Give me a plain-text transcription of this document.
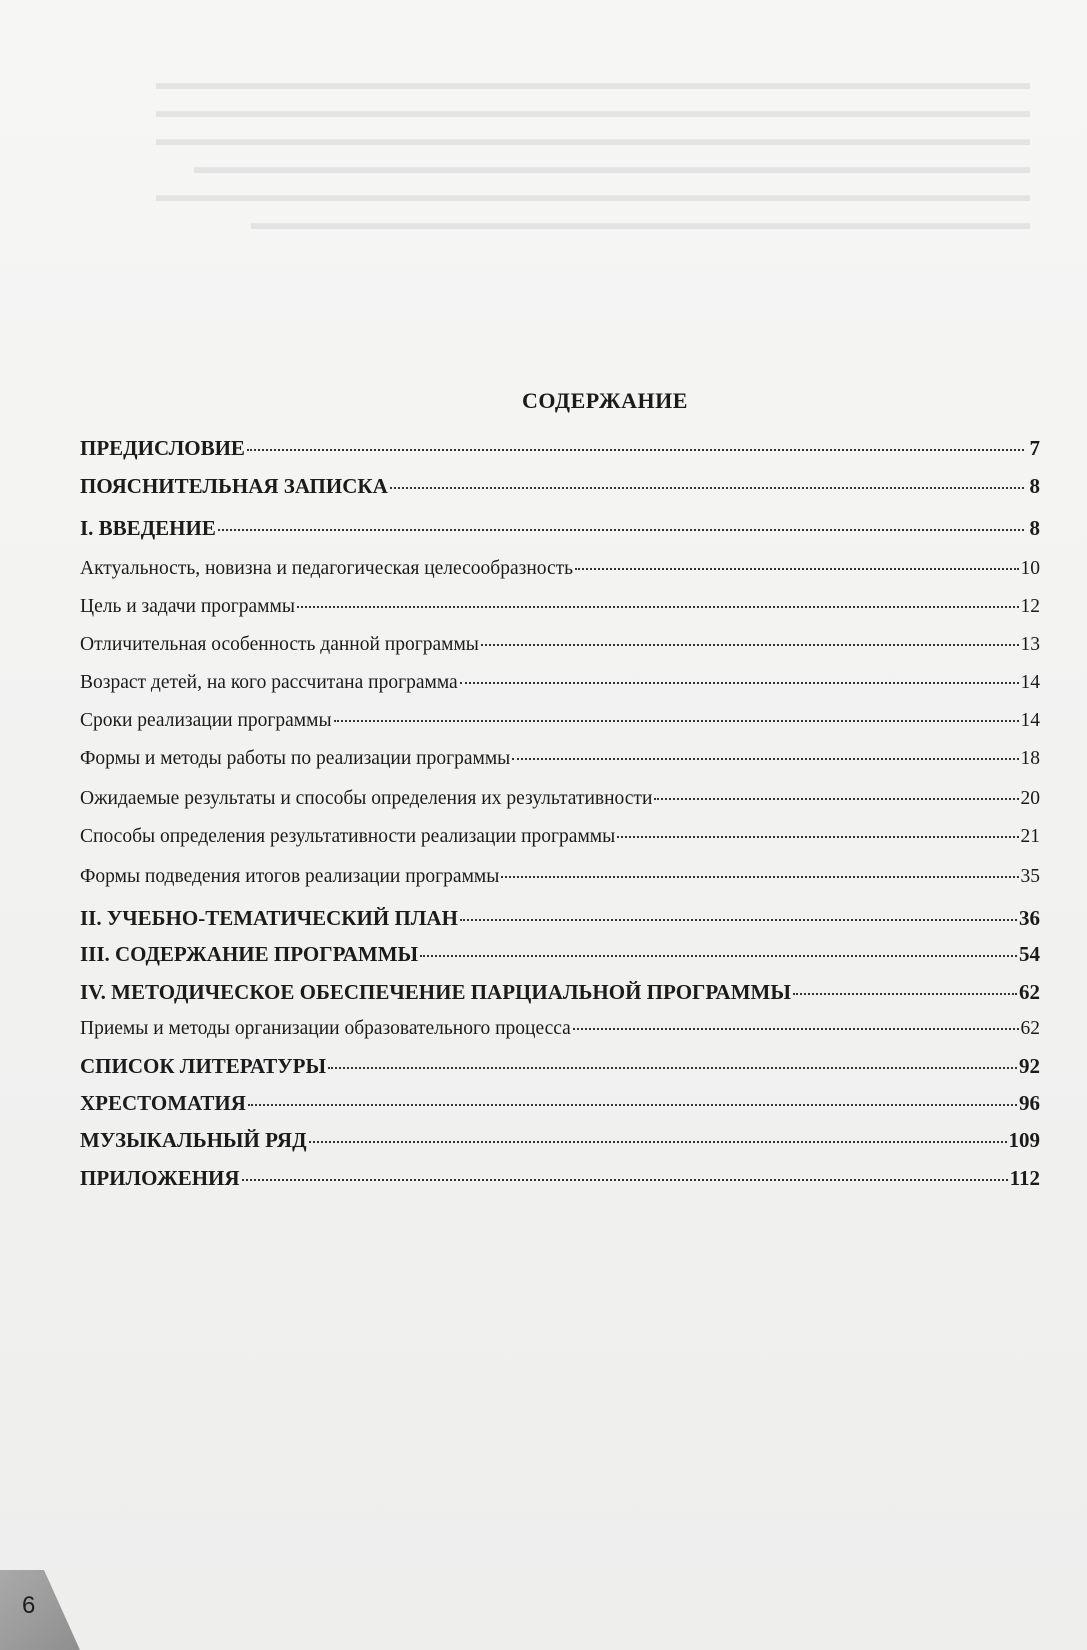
▬▬▬▬▬▬▬▬▬▬▬▬▬▬▬▬▬▬▬▬▬▬▬▬▬▬▬▬▬▬▬▬▬▬▬▬▬▬▬▬▬▬▬▬▬▬
▬▬▬▬▬▬▬▬▬▬▬▬▬▬▬▬▬▬▬▬▬▬▬▬▬▬▬▬▬▬▬▬▬▬▬▬▬▬▬▬▬▬▬▬▬▬
▬▬▬▬▬▬▬▬▬▬▬▬▬▬▬▬▬▬▬▬▬▬▬▬▬▬▬▬▬▬▬▬▬▬▬▬▬▬▬▬▬▬▬▬▬▬
▬▬▬▬▬▬▬▬▬▬▬▬▬▬▬▬▬▬▬▬▬▬▬▬▬▬▬▬▬▬▬▬▬▬▬▬▬▬▬▬▬▬▬▬
▬▬▬▬▬▬▬▬▬▬▬▬▬▬▬▬▬▬▬▬▬▬▬▬▬▬▬▬▬▬▬▬▬▬▬▬▬▬▬▬▬▬▬▬▬▬
▬▬▬▬▬▬▬▬▬▬▬▬▬▬▬▬▬▬▬▬▬▬▬▬▬▬▬▬▬▬▬▬▬▬▬▬▬▬▬▬▬

СОДЕРЖАНИЕ
ПРЕДИСЛОВИЕ	7
ПОЯСНИТЕЛЬНАЯ ЗАПИСКА	8
I. ВВЕДЕНИЕ	8
Актуальность, новизна и педагогическая целесообразность	10
Цель и задачи программы	12
Отличительная особенность данной программы	13
Возраст детей, на кого рассчитана программа	14
Сроки реализации программы	14
Формы и методы работы по реализации программы	18
Ожидаемые результаты и способы определения их результативности	20
Способы определения результативности реализации программы	21
Формы подведения итогов реализации программы	35
II. УЧЕБНО-ТЕМАТИЧЕСКИЙ ПЛАН	36
III. СОДЕРЖАНИЕ ПРОГРАММЫ	54
IV. МЕТОДИЧЕСКОЕ ОБЕСПЕЧЕНИЕ ПАРЦИАЛЬНОЙ ПРОГРАММЫ	62
Приемы и методы организации образовательного процесса	62
СПИСОК ЛИТЕРАТУРЫ	92
ХРЕСТОМАТИЯ	96
МУЗЫКАЛЬНЫЙ РЯД	109
ПРИЛОЖЕНИЯ	112
6
